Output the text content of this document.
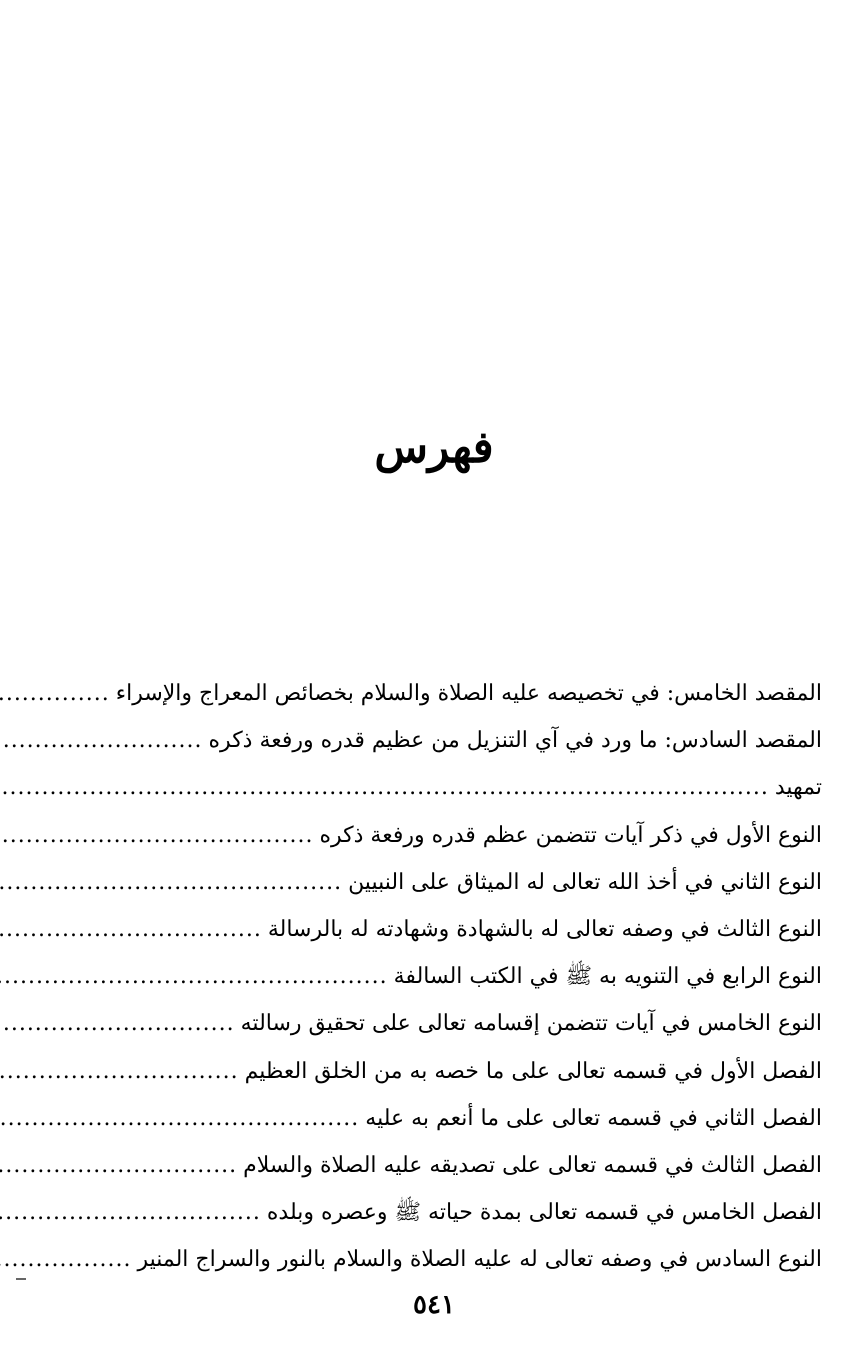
فهرس
المقصد الخامس: في تخصيصه عليه الصلاة والسلام بخصائص المعراج والإسراء
.....
المقصد السادس: ما ورد في آي التنزيل من عظيم قدره ورفعة ذكره
.....
تمهيد
.....
النوع الأول في ذكر آيات تتضمن عظم قدره ورفعة ذكره
.....
النوع الثاني في أخذ الله تعالى له الميثاق على النبيين
.....
النوع الثالث في وصفه تعالى له بالشهادة وشهادته له بالرسالة
.....
النوع الرابع في التنويه به ﷺ في الكتب السالفة
.....
النوع الخامس في آيات تتضمن إقسامه تعالى على تحقيق رسالته
.....
الفصل الأول في قسمه تعالى على ما خصه به من الخلق العظيم
.....
الفصل الثاني في قسمه تعالى على ما أنعم به عليه
.....
الفصل الثالث في قسمه تعالى على تصديقه عليه الصلاة والسلام
.....
الفصل الخامس في قسمه تعالى بمدة حياته ﷺ وعصره وبلده
.....
النوع السادس في وصفه تعالى له عليه الصلاة والسلام بالنور والسراج المنير
.....
٥٤١
